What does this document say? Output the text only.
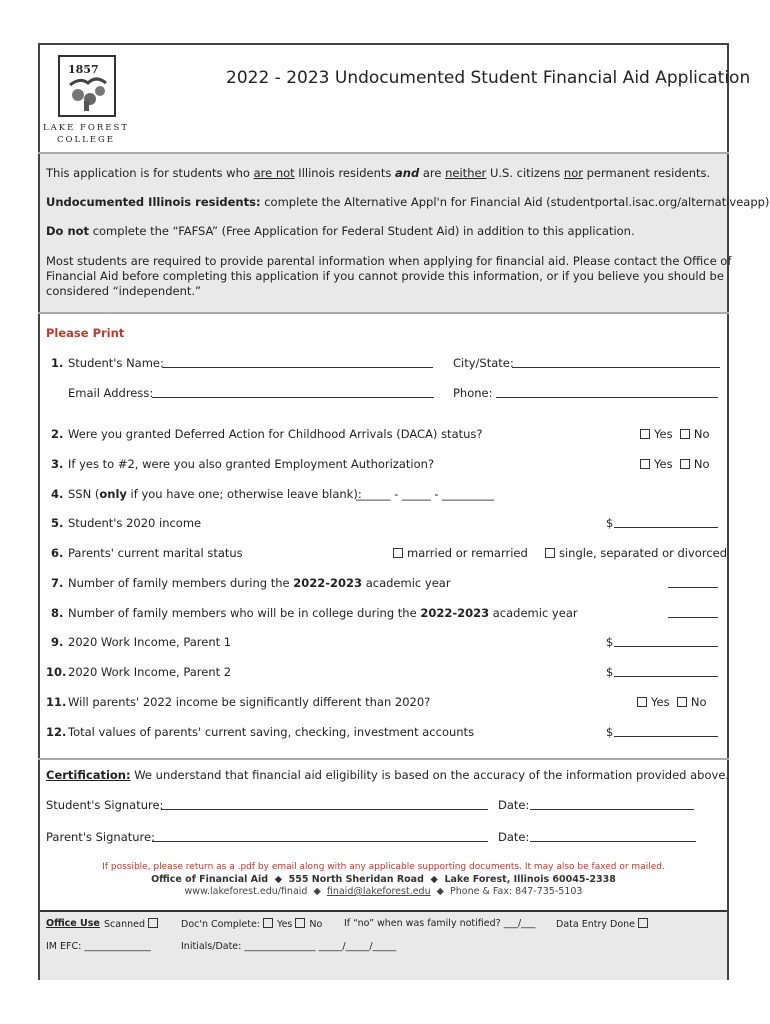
1857
LAKE FOREST COLLEGE
2022 - 2023 Undocumented Student Financial Aid Application
This application is for students who are not Illinois residents and are neither U.S. citizens nor permanent residents.
Undocumented Illinois residents: complete the Alternative Appl'n for Financial Aid (studentportal.isac.org/alternativeapp)
Do not complete the “FAFSA” (Free Application for Federal Student Aid) in addition to this application.
Most students are required to provide parental information when applying for financial aid. Please contact the Office of
Financial Aid before completing this application if you cannot provide this information, or if you believe you should be
considered “independent.”
Please Print
1. Student's Name:	City/State:
Email Address:	Phone:
2. Were you granted Deferred Action for Childhood Arrivals (DACA) status?	Yes No
3. If yes to #2, were you also granted Employment Authorization?	Yes No
4. SSN (only if you have one; otherwise leave blank):
______ - _____ - _________
5. Student's 2020 income	$
6. Parents' current marital status	married or remarried	single, separated or divorced
7. Number of family members during the 2022-2023 academic year
8. Number of family members who will be in college during the 2022-2023 academic year
9. 2020 Work Income, Parent 1	$
10. 2020 Work Income, Parent 2	$
11. Will parents' 2022 income be significantly different than 2020?	Yes No
12. Total values of parents' current saving, checking, investment accounts	$
Certification: We understand that financial aid eligibility is based on the accuracy of the information provided above.
Student's Signature:	Date:
Parent's Signature:	Date:
If possible, please return as a .pdf by email along with any applicable supporting documents. It may also be faxed or mailed.
Office of Financial Aid ◆ 555 North Sheridan Road ◆ Lake Forest, Illinois 60045-2338
www.lakeforest.edu/finaid ◆ finaid@lakeforest.edu ◆ Phone & Fax: 847-735-5103
Office Use Scanned	Doc'n Complete: Yes No If “no” when was family notified? ___/___ Data Entry Done
IM EFC: ______________	Initials/Date: _______________ _____/_____/_____
